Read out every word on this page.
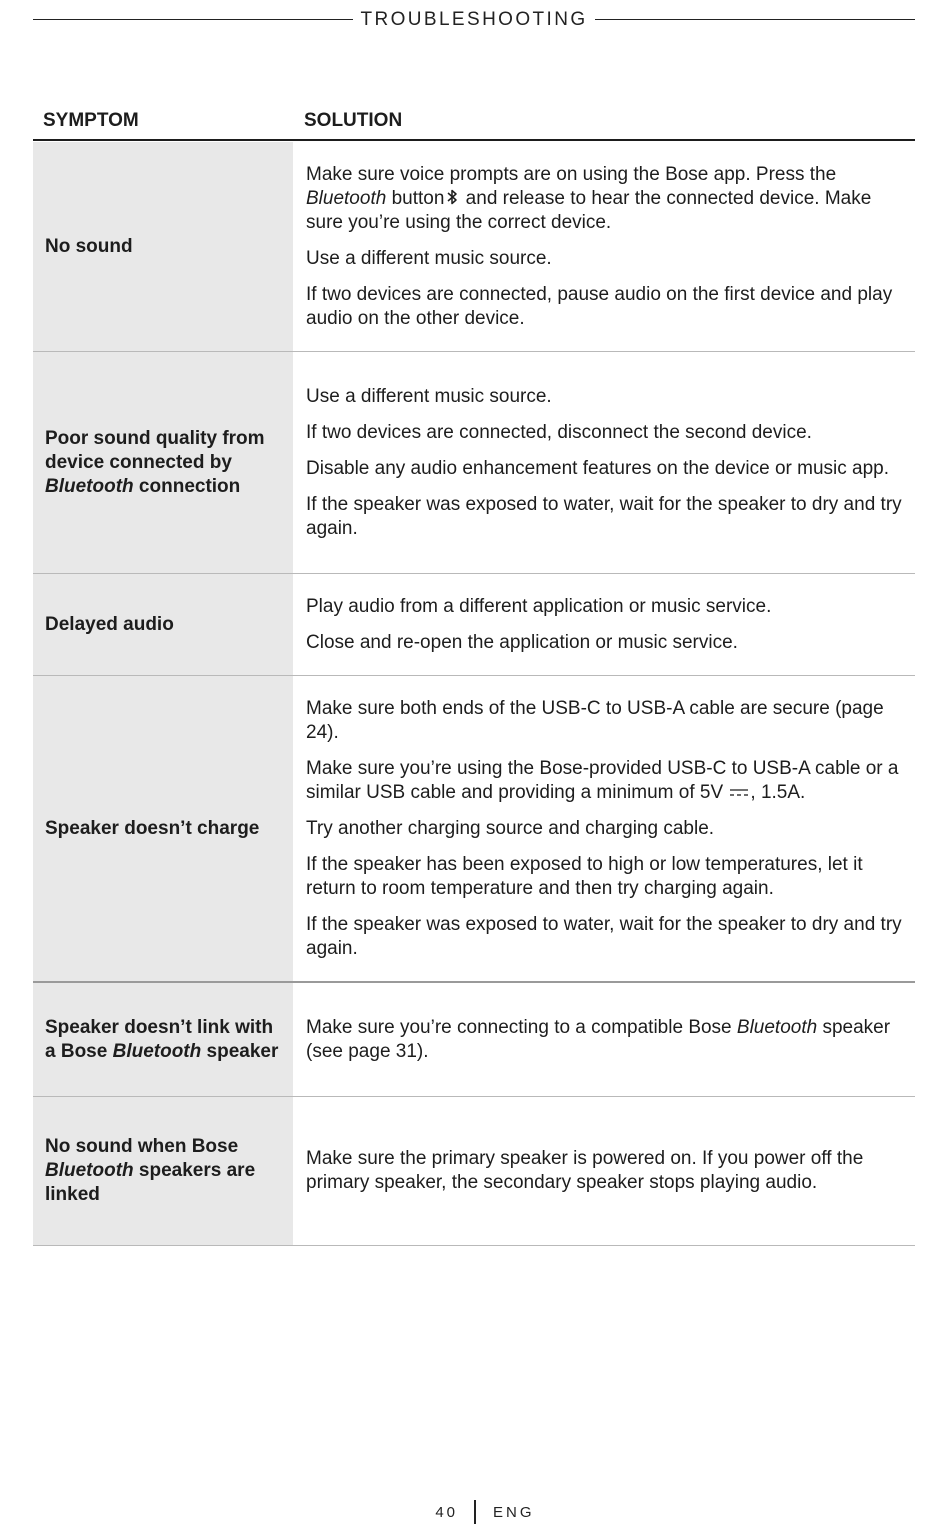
TROUBLESHOOTING
SYMPTOM	SOLUTION
No sound

Make sure voice prompts are on using the Bose app. Press the Bluetooth button and release to hear the connected device. Make sure you’re using the correct device.

Use a different music source.

If two devices are connected, pause audio on the first device and play audio on the other device.

Poor sound quality from device connected by Bluetooth connection

Use a different music source.

If two devices are connected, disconnect the second device.

Disable any audio enhancement features on the device or music app.

If the speaker was exposed to water, wait for the speaker to dry and try again.

Delayed audio

Play audio from a different application or music service.

Close and re-open the application or music service.

Speaker doesn’t charge

Make sure both ends of the USB-C to USB-A cable are secure (page 24).

Make sure you’re using the Bose-provided USB-C to USB-A cable or a similar USB cable and providing a minimum of 5V , 1.5A.

Try another charging source and charging cable.

If the speaker has been exposed to high or low temperatures, let it return to room temperature and then try charging again.

If the speaker was exposed to water, wait for the speaker to dry and try again.

Speaker doesn’t link with a Bose Bluetooth speaker

Make sure you’re connecting to a compatible Bose Bluetooth speaker (see page 31).

No sound when Bose Bluetooth speakers are linked

Make sure the primary speaker is powered on. If you power off the primary speaker, the secondary speaker stops playing audio.

40 ENG
